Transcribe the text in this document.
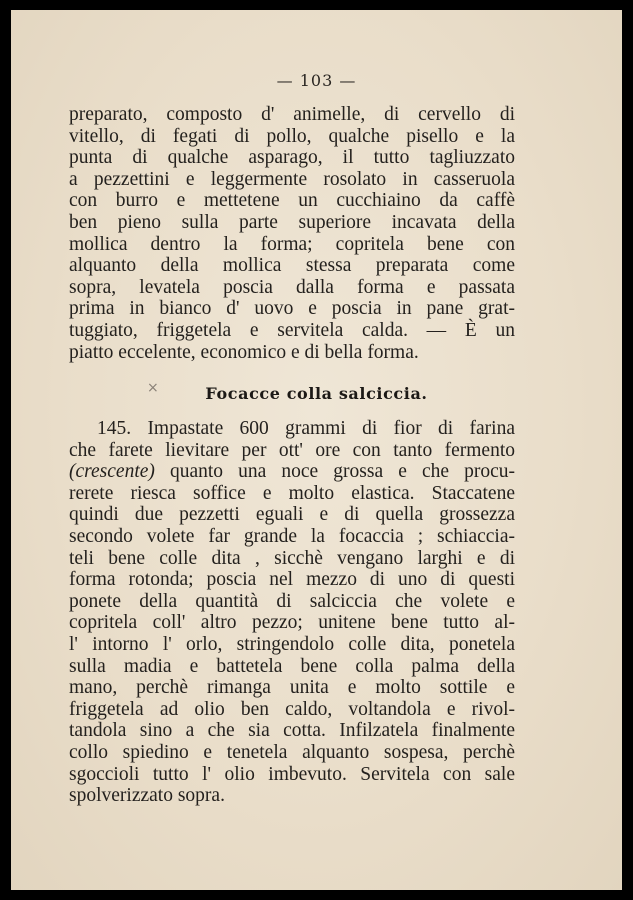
— 103 —
preparato, composto d' animelle, di cervello di
vitello, di fegati di pollo, qualche pisello e la
punta di qualche asparago, il tutto tagliuzzato
a pezzettini e leggermente rosolato in casseruola
con burro e mettetene un cucchiaino da caffè
ben pieno sulla parte superiore incavata della
mollica dentro la forma; copritela bene con
alquanto della mollica stessa preparata come
sopra, levatela poscia dalla forma e passata
prima in bianco d' uovo e poscia in pane grat-
tuggiato, friggetela e servitela calda. — È un
piatto eccelente, economico e di bella forma.
×	Focacce colla salciccia.
145. Impastate 600 grammi di fior di farina
che farete lievitare per ott' ore con tanto fermento
(crescente) quanto una noce grossa e che procu-
rerete riesca soffice e molto elastica. Staccatene
quindi due pezzetti eguali e di quella grossezza
secondo volete far grande la focaccia ; schiaccia-
teli bene colle dita , sicchè vengano larghi e di
forma rotonda; poscia nel mezzo di uno di questi
ponete della quantità di salciccia che volete e
copritela coll' altro pezzo; unitene bene tutto al-
l' intorno l' orlo, stringendolo colle dita, ponetela
sulla madia e battetela bene colla palma della
mano, perchè rimanga unita e molto sottile e
friggetela ad olio ben caldo, voltandola e rivol-
tandola sino a che sia cotta. Infilzatela finalmente
collo spiedino e tenetela alquanto sospesa, perchè
sgoccioli tutto l' olio imbevuto. Servitela con sale
spolverizzato sopra.
